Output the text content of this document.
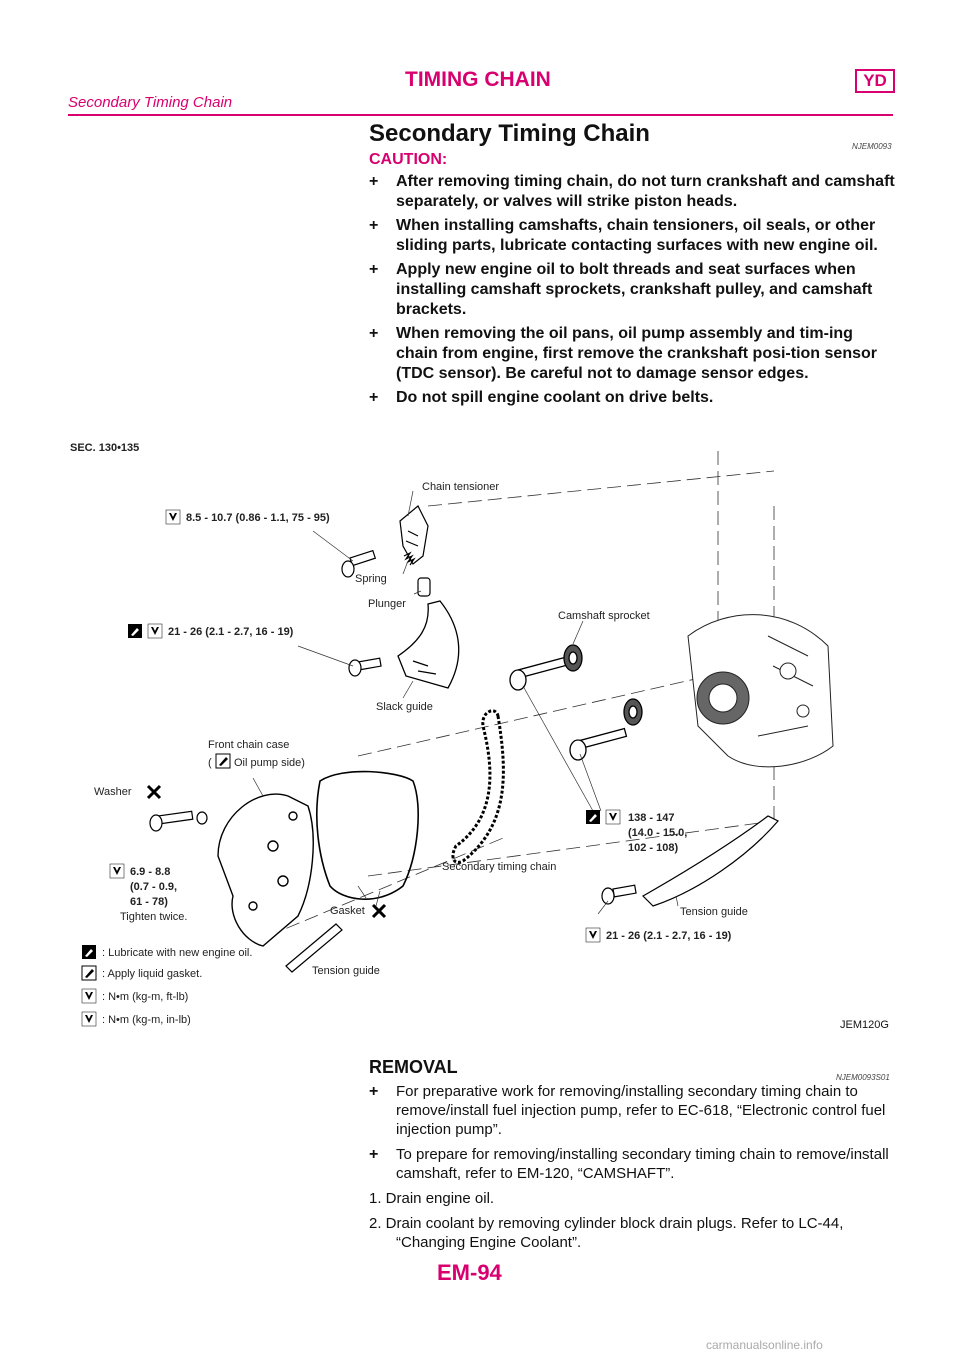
TIMING CHAIN	YD
Secondary Timing Chain
Secondary Timing Chain	NJEM0093
CAUTION:
+ After removing timing chain, do not turn crankshaft and camshaft separately, or valves will strike piston heads.
+ When installing camshafts, chain tensioners, oil seals, or other sliding parts, lubricate contacting surfaces with new engine oil.
+ Apply new engine oil to bolt threads and seat surfaces when installing camshaft sprockets, crankshaft pulley, and camshaft brackets.
+ When removing the oil pans, oil pump assembly and tim-ing chain from engine, first remove the crankshaft posi-tion sensor (TDC sensor). Be careful not to damage sensor edges.
+ Do not spill engine coolant on drive belts.
SEC. 130•135
Chain tensioner
8.5 - 10.7 (0.86 - 1.1, 75 - 95)
Spring
Plunger
Camshaft sprocket
21 - 26 (2.1 - 2.7, 16 - 19)
Slack guide
Front chain case
( Oil pump side)
Washer
138 - 147
(14.0 - 15.0,
102 - 108)
Secondary timing chain
6.9 - 8.8
(0.7 - 0.9,
61 - 78)
Tighten twice.	Gasket	Tension guide
21 - 26 (2.1 - 2.7, 16 - 19)
Tension guide
: Lubricate with new engine oil.
: Apply liquid gasket.
: N•m (kg-m, ft-lb)
: N•m (kg-m, in-lb)	JEM120G
REMOVAL
NJEM0093S01
+ For preparative work for removing/installing secondary timing chain to remove/install fuel injection pump, refer to EC-618, “Electronic control fuel injection pump”.
+ To prepare for removing/installing secondary timing chain to remove/install camshaft, refer to EM-120, “CAMSHAFT”.
1. Drain engine oil.
2. Drain coolant by removing cylinder block drain plugs. Refer to LC-44, “Changing Engine Coolant”.
EM-94
carmanualsonline.info
